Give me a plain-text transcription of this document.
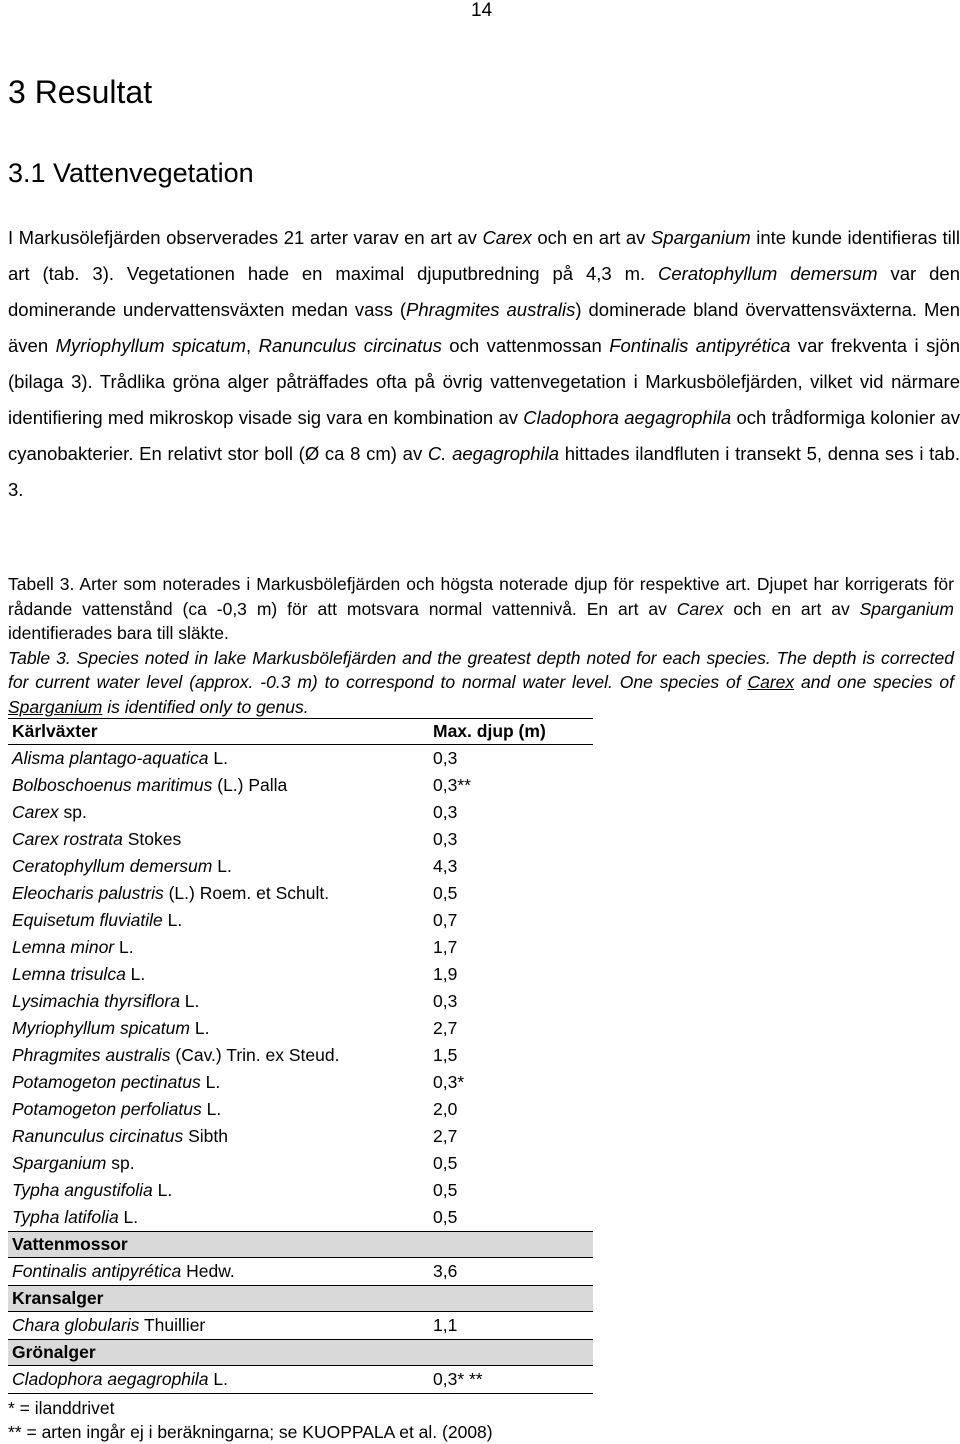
14
3 Resultat
3.1 Vattenvegetation

I Markusölefjärden observerades 21 arter varav en art av Carex och en art av Sparganium inte kunde identifieras till art (tab. 3). Vegetationen hade en maximal djuputbredning på 4,3 m. Ceratophyllum demersum var den dominerande undervattensväxten medan vass (Phragmites australis) dominerade bland övervattensväxterna. Men även Myriophyllum spicatum, Ranunculus circinatus och vattenmossan Fontinalis antipyrética var frekventa i sjön (bilaga 3). Trådlika gröna alger påträffades ofta på övrig vattenvegetation i Markusbölefjärden, vilket vid närmare identifiering med mikroskop visade sig vara en kombination av Cladophora aegagrophila och trådformiga kolonier av cyanobakterier. En relativt stor boll (Ø ca 8 cm) av C. aegagrophila hittades ilandfluten i transekt 5, denna ses i tab. 3.

Tabell 3. Arter som noterades i Markusbölefjärden och högsta noterade djup för respektive art. Djupet har korrigerats för rådande vattenstånd (ca -0,3 m) för att motsvara normal vattennivå. En art av Carex och en art av Sparganium identifierades bara till släkte.

Table 3. Species noted in lake Markusbölefjärden and the greatest depth noted for each species. The depth is corrected for current water level (approx. -0.3 m) to correspond to normal water level. One species of Carex and one species of Sparganium is identified only to genus.

Kärlväxter	Max. djup (m)
Alisma plantago-aquatica L.	0,3
Bolboschoenus maritimus (L.) Palla	0,3**
Carex sp.	0,3
Carex rostrata Stokes	0,3
Ceratophyllum demersum L.	4,3
Eleocharis palustris (L.) Roem. et Schult.	0,5
Equisetum fluviatile L.	0,7
Lemna minor L.	1,7
Lemna trisulca L.	1,9
Lysimachia thyrsiflora L.	0,3
Myriophyllum spicatum L.	2,7
Phragmites australis (Cav.) Trin. ex Steud.	1,5
Potamogeton pectinatus L.	0,3*
Potamogeton perfoliatus L.	2,0
Ranunculus circinatus Sibth	2,7
Sparganium sp.	0,5
Typha angustifolia L.	0,5
Typha latifolia L.	0,5
Vattenmossor	
Fontinalis antipyrética Hedw.	3,6
Kransalger	
Chara globularis Thuillier	1,1
Grönalger	
Cladophora aegagrophila L.	0,3* **
* = ilanddrivet
** = arten ingår ej i beräkningarna; se KUOPPALA et al. (2008)
